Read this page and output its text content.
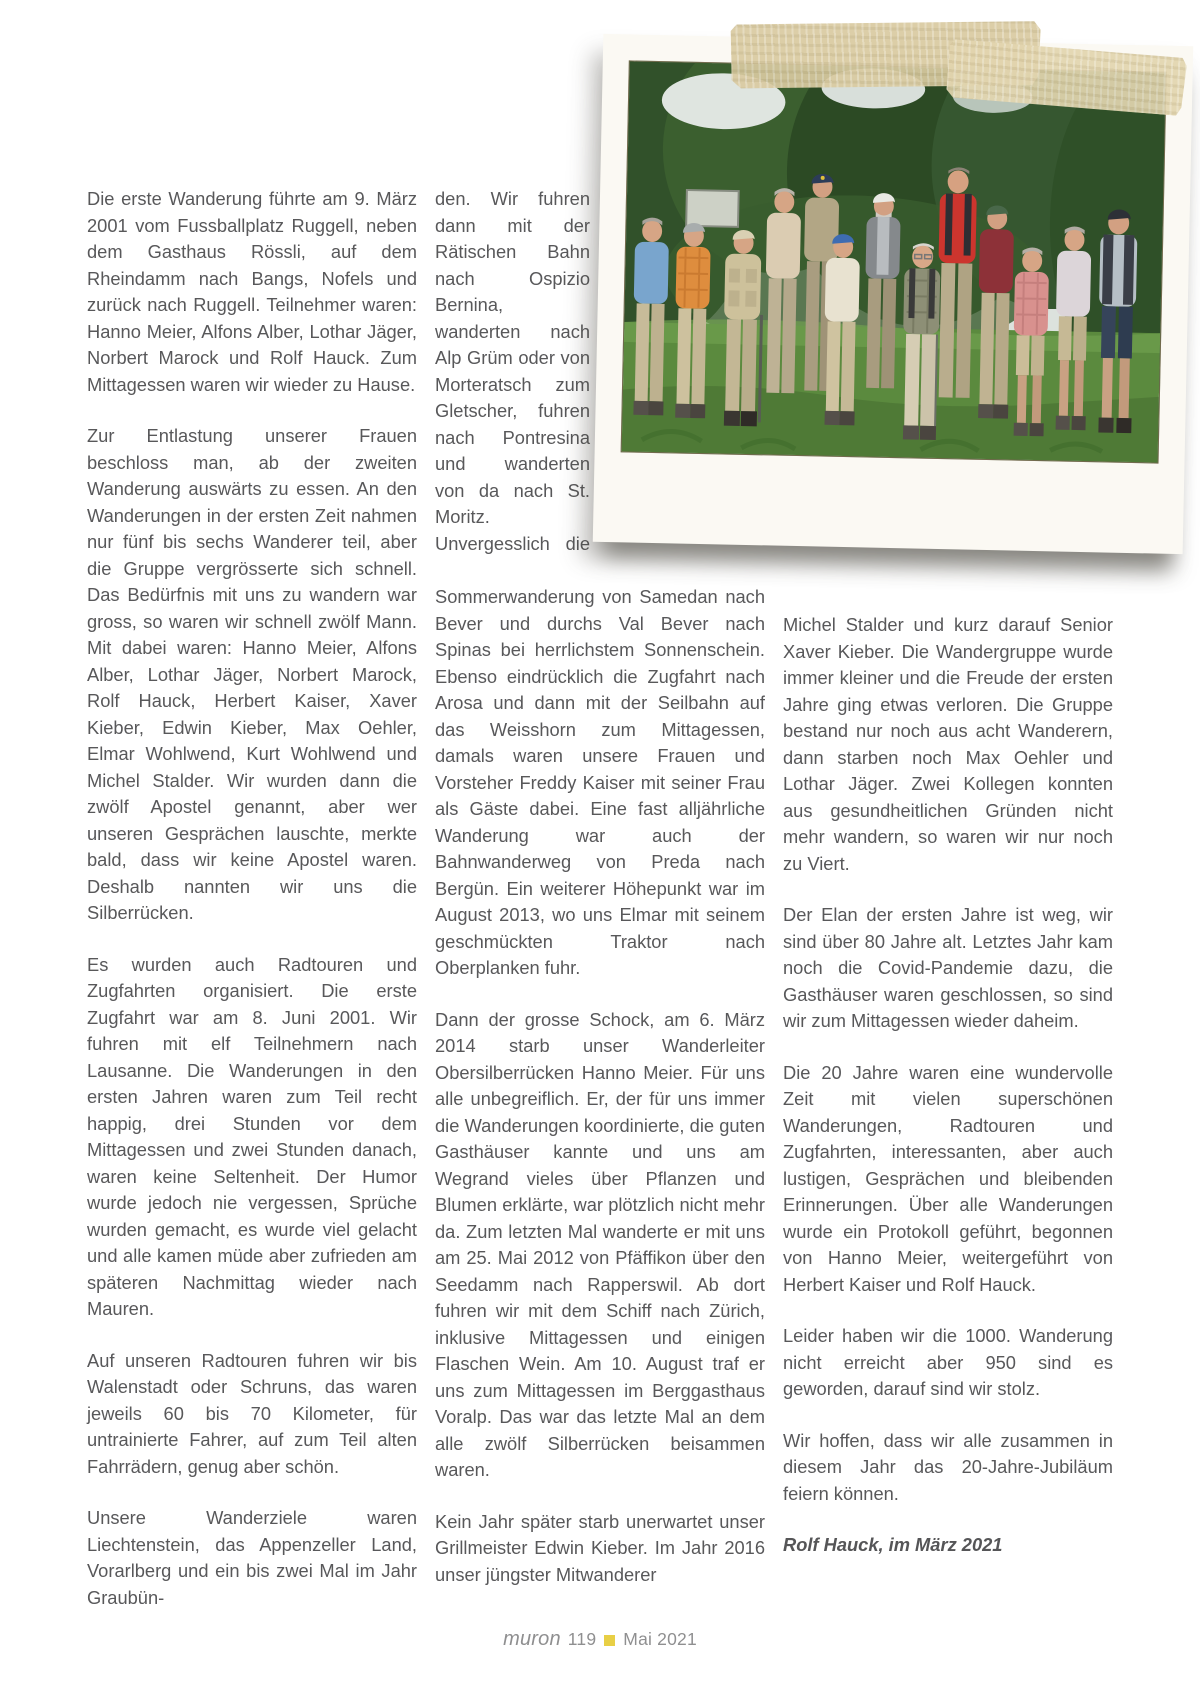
Die erste Wanderung führte am 9. März 2001 vom Fussballplatz Ruggell, neben dem Gasthaus Rössli, auf dem Rheindamm nach Bangs, Nofels und zurück nach Ruggell. Teilnehmer waren: Hanno Meier, Alfons Alber, Lothar Jäger, Norbert Marock und Rolf Hauck. Zum Mittagessen waren wir wieder zu Hause.

Zur Entlastung unserer Frauen beschloss man, ab der zweiten Wanderung auswärts zu essen. An den Wanderungen in der ersten Zeit nahmen nur fünf bis sechs Wanderer teil, aber die Gruppe vergrösserte sich schnell. Das Bedürfnis mit uns zu wandern war gross, so waren wir schnell zwölf Mann. Mit dabei waren: Hanno Meier, Alfons Alber, Lothar Jäger, Norbert Marock, Rolf Hauck, Herbert Kaiser, Xaver Kieber, Edwin Kieber, Max Oehler, Elmar Wohlwend, Kurt Wohlwend und Michel Stalder. Wir wurden dann die zwölf Apostel genannt, aber wer unseren Gesprächen lauschte, merkte bald, dass wir keine Apostel waren. Deshalb nannten wir uns die Silberrücken.

Es wurden auch Radtouren und Zugfahrten organisiert. Die erste Zugfahrt war am 8. Juni 2001. Wir fuhren mit elf Teilnehmern nach Lausanne. Die Wanderungen in den ersten Jahren waren zum Teil recht happig, drei Stunden vor dem Mittagessen und zwei Stunden danach, waren keine Seltenheit. Der Humor wurde jedoch nie vergessen, Sprüche wurden gemacht, es wurde viel gelacht und alle kamen müde aber zufrieden am späteren Nachmittag wieder nach Mauren.

Auf unseren Radtouren fuhren wir bis Walenstadt oder Schruns, das waren jeweils 60 bis 70 Kilometer, für untrainierte Fahrer, auf zum Teil alten Fahrrädern, genug aber schön.

Unsere Wanderziele waren Liechtenstein, das Appenzeller Land, Vorarlberg und ein bis zwei Mal im Jahr Graubün-

den. Wir fuhren dann mit der Rätischen Bahn nach Ospizio Bernina, wanderten nach Alp Grüm oder von Morteratsch zum Gletscher, fuhren nach Pontresina und wanderten von da nach St. Moritz. Unvergesslich die Sommerwanderung von Samedan nach Bever und durchs Val Bever nach Spinas bei herrlichstem Sonnenschein. Ebenso eindrücklich die Zugfahrt nach Arosa und dann mit der Seilbahn auf das Weisshorn zum Mittagessen, damals waren unsere Frauen und Vorsteher Freddy Kaiser mit seiner Frau als Gäste dabei. Eine fast alljährliche Wanderung war auch der Bahnwanderweg von Preda nach Bergün. Ein weiterer Höhepunkt war im August 2013, wo uns Elmar mit seinem geschmückten Traktor nach Oberplanken fuhr.

Dann der grosse Schock, am 6. März 2014 starb unser Wanderleiter Obersilberrücken Hanno Meier. Für uns alle unbegreiflich. Er, der für uns immer die Wanderungen koordinierte, die guten Gasthäuser kannte und uns am Wegrand vieles über Pflanzen und Blumen erklärte, war plötzlich nicht mehr da. Zum letzten Mal wanderte er mit uns am 25. Mai 2012 von Pfäffikon über den Seedamm nach Rapperswil. Ab dort fuhren wir mit dem Schiff nach Zürich, inklusive Mittagessen und einigen Flaschen Wein. Am 10. August traf er uns zum Mittagessen im Berggasthaus Voralp. Das war das letzte Mal an dem alle zwölf Silberrücken beisammen waren.

Kein Jahr später starb unerwartet unser Grillmeister Edwin Kieber. Im Jahr 2016 unser jüngster Mitwanderer

Michel Stalder und kurz darauf Senior Xaver Kieber. Die Wandergruppe wurde immer kleiner und die Freude der ersten Jahre ging etwas verloren. Die Gruppe bestand nur noch aus acht Wanderern, dann starben noch Max Oehler und Lothar Jäger. Zwei Kollegen konnten aus gesundheitlichen Gründen nicht mehr wandern, so waren wir nur noch zu Viert.

Der Elan der ersten Jahre ist weg, wir sind über 80 Jahre alt. Letztes Jahr kam noch die Covid-Pandemie dazu, die Gasthäuser waren geschlossen, so sind wir zum Mittagessen wieder daheim.

Die 20 Jahre waren eine wundervolle Zeit mit vielen superschönen Wanderungen, Radtouren und Zugfahrten, interessanten, aber auch lustigen, Gesprächen und bleibenden Erinnerungen. Über alle Wanderungen wurde ein Protokoll geführt, begonnen von Hanno Meier, weitergeführt von Herbert Kaiser und Rolf Hauck.

Leider haben wir die 1000. Wanderung nicht erreicht aber 950 sind es geworden, darauf sind wir stolz.

Wir hoffen, dass wir alle zusammen in diesem Jahr das 20-Jahre-Jubiläum feiern können.

Rolf Hauck, im März 2021

muron 119 Mai 2021
